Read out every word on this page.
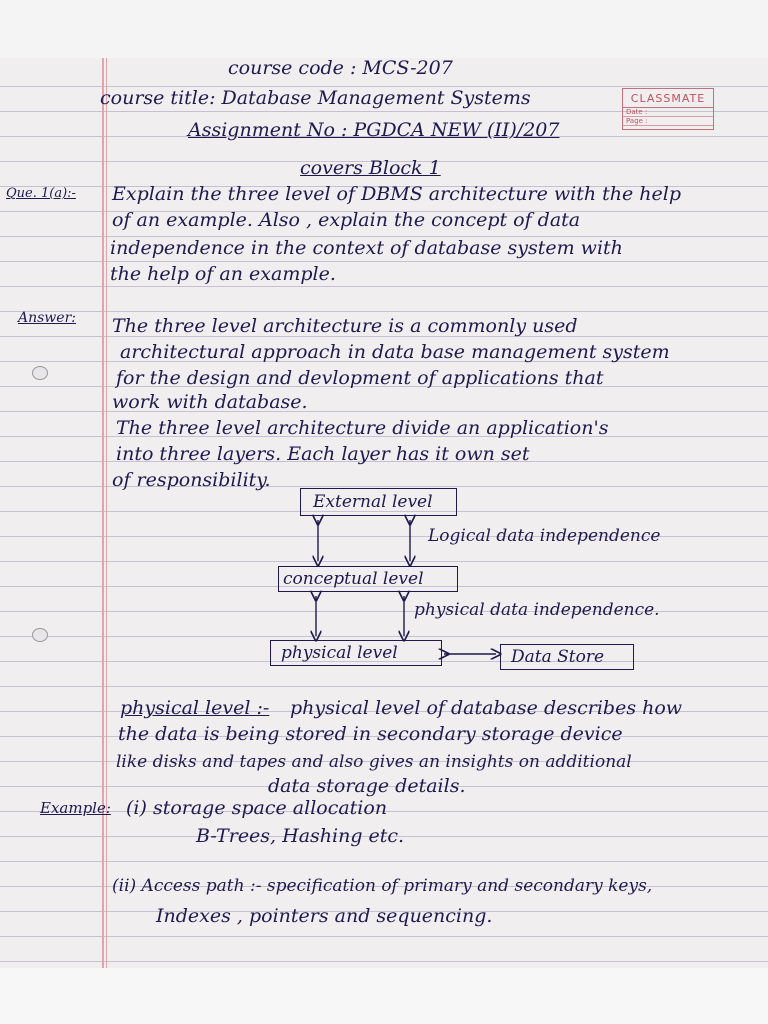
course code : MCS-207
course title: Database Management Systems
Assignment No : PGDCA NEW (II)/207
covers Block 1
CLASSMATE
Date :
Page :
Que. 1(a):- Explain the three level of DBMS architecture with the help
of an example. Also , explain the concept of data
independence in the context of database system with
the help of an example.
Answer: The three level architecture is a commonly used
architectural approach in data base management system
for the design and devlopment of applications that
work with database.
The three level architecture divide an application's
into three layers. Each layer has it own set
of responsibility.
External level
conceptual level
physical level	Data Store
Logical data independence
physical data independence.
physical level :- physical level of database describes how
the data is being stored in secondary storage device
like disks and tapes and also gives an insights on additional
data storage details.
Example: (i) storage space allocation
B-Trees, Hashing etc.
(ii) Access path :- specification of primary and secondary keys,
Indexes , pointers and sequencing.
